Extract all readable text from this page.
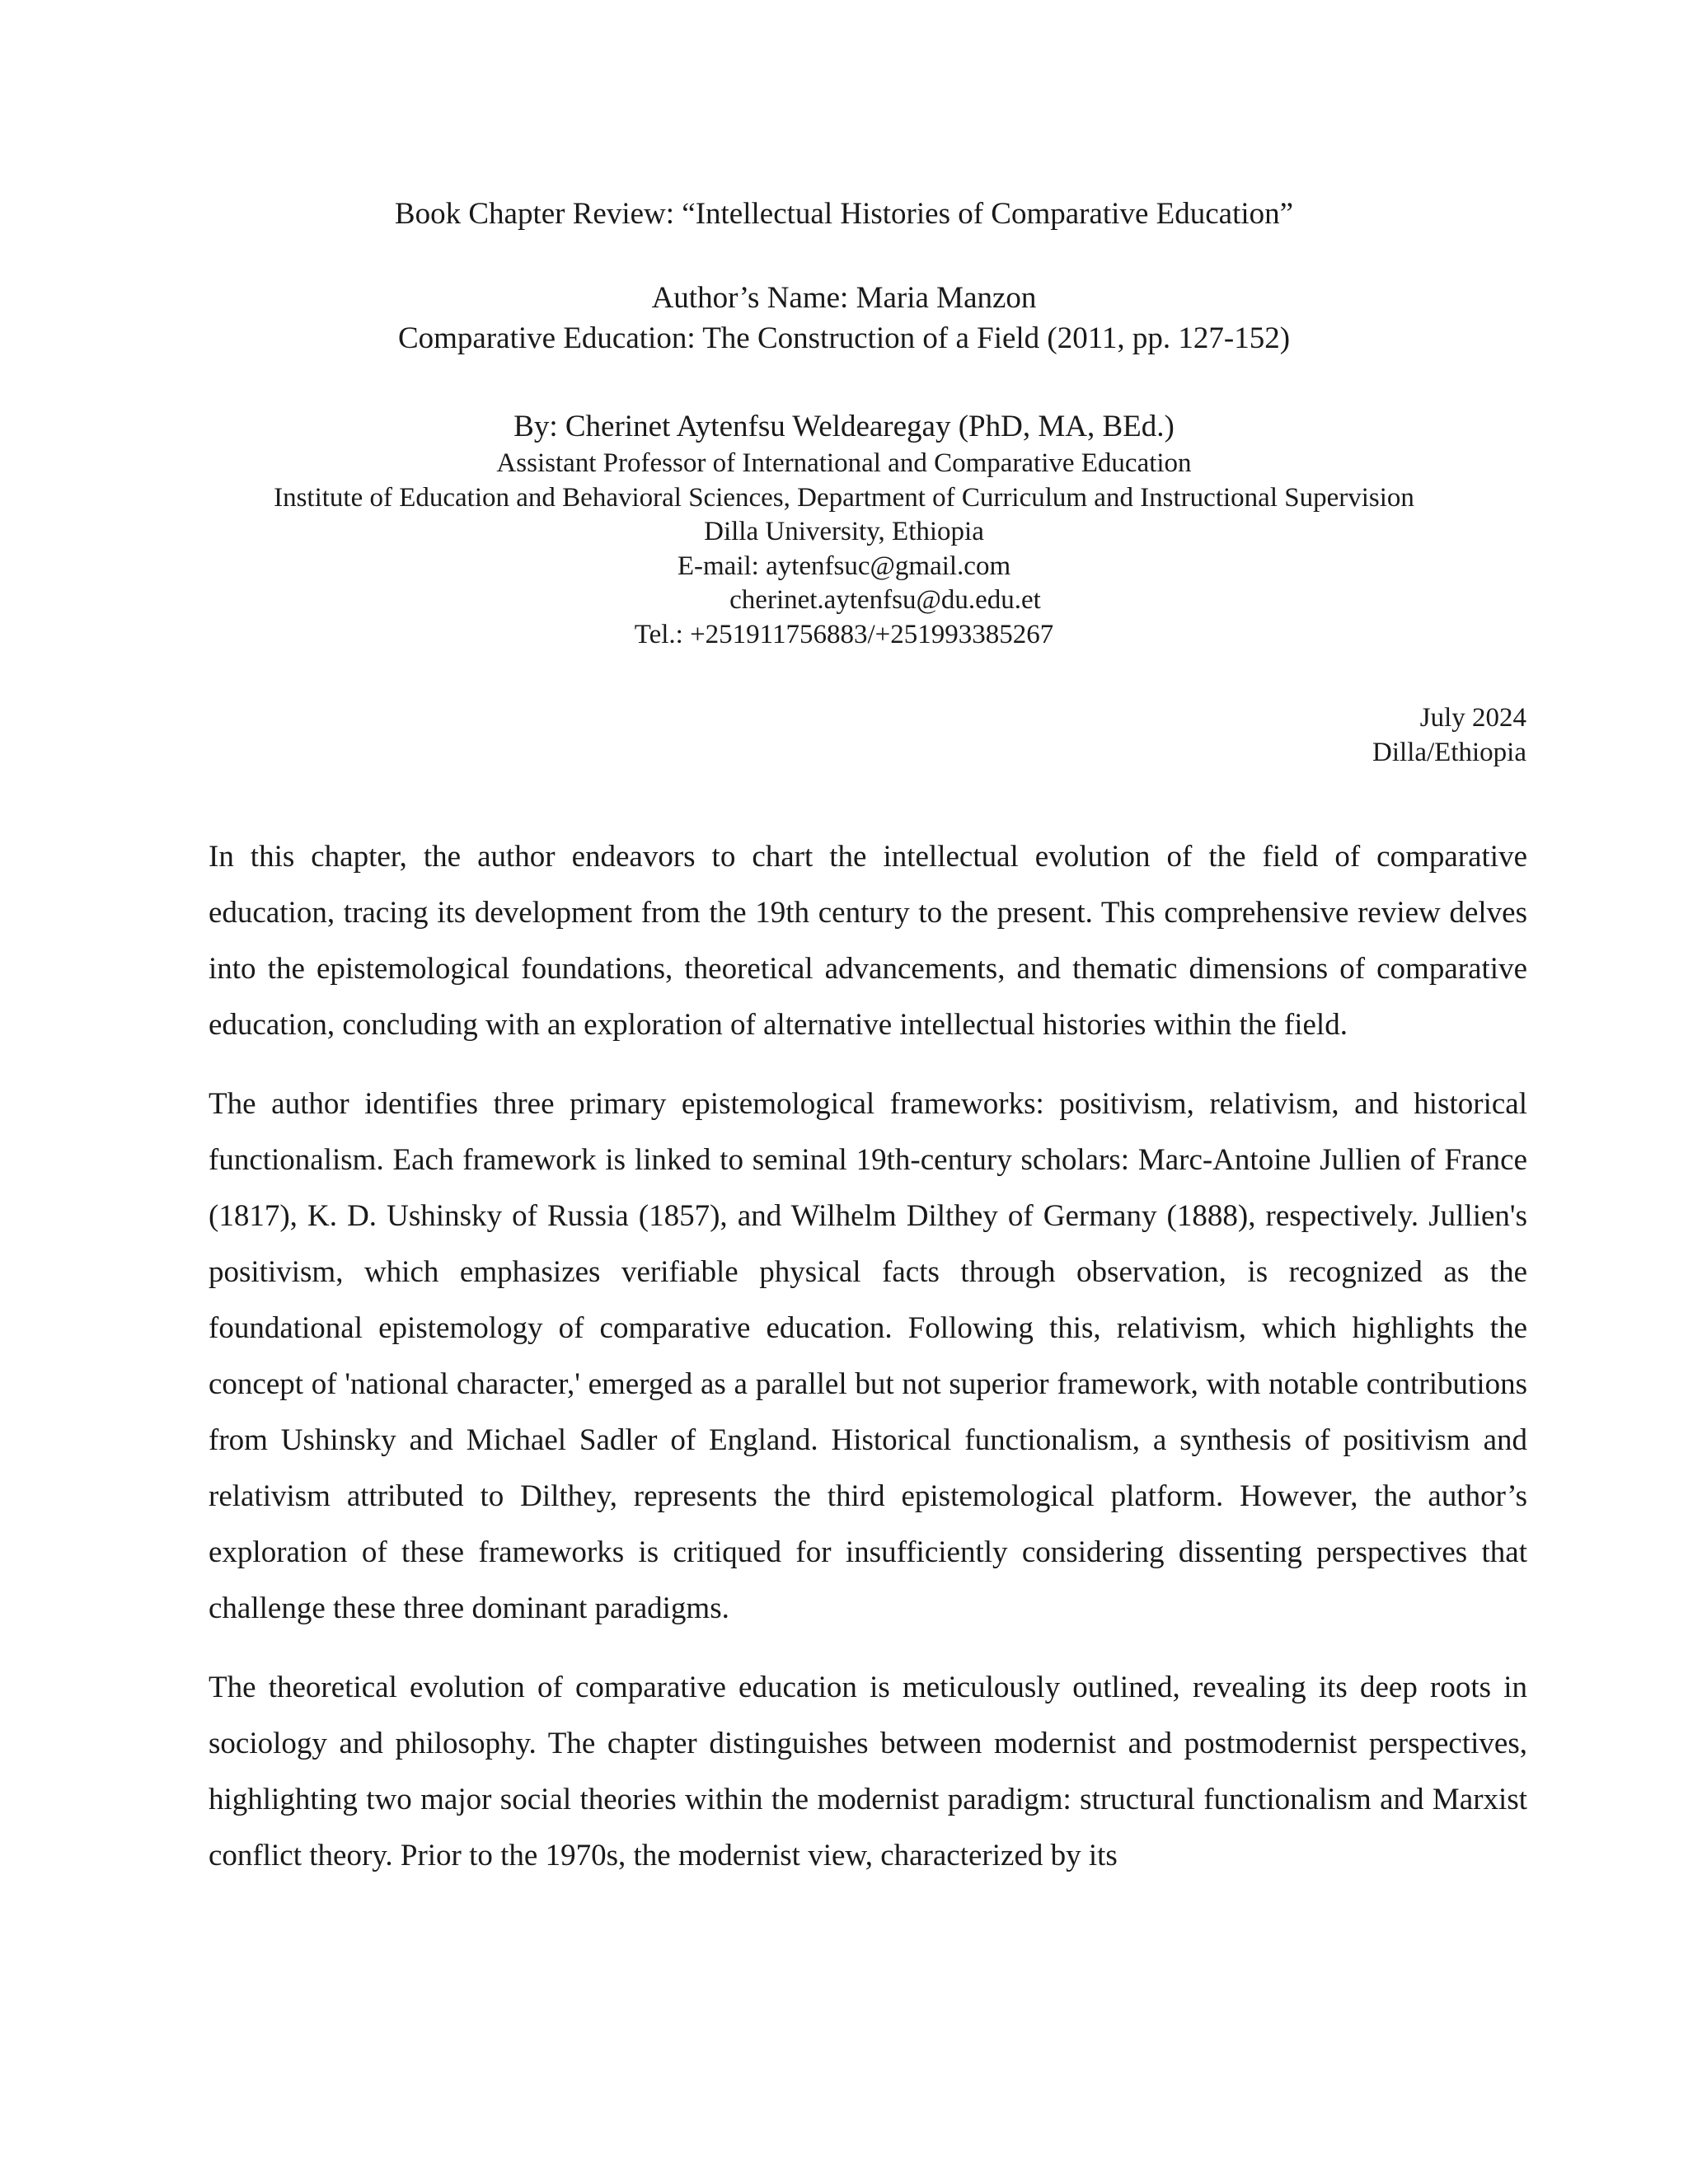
Book Chapter Review: “Intellectual Histories of Comparative Education”
Author’s Name: Maria Manzon
Comparative Education: The Construction of a Field (2011, pp. 127-152)
By: Cherinet Aytenfsu Weldearegay (PhD, MA, BEd.)
Assistant Professor of International and Comparative Education
Institute of Education and Behavioral Sciences, Department of Curriculum and Instructional Supervision
Dilla University, Ethiopia
E-mail: aytenfsuc@gmail.com
cherinet.aytenfsu@du.edu.et
Tel.: +251911756883/+251993385267
July 2024
Dilla/Ethiopia

In this chapter, the author endeavors to chart the intellectual evolution of the field of comparative education, tracing its development from the 19th century to the present. This comprehensive review delves into the epistemological foundations, theoretical advancements, and thematic dimensions of comparative education, concluding with an exploration of alternative intellectual histories within the field.

The author identifies three primary epistemological frameworks: positivism, relativism, and historical functionalism. Each framework is linked to seminal 19th-century scholars: Marc-Antoine Jullien of France (1817), K. D. Ushinsky of Russia (1857), and Wilhelm Dilthey of Germany (1888), respectively. Jullien's positivism, which emphasizes verifiable physical facts through observation, is recognized as the foundational epistemology of comparative education. Following this, relativism, which highlights the concept of 'national character,' emerged as a parallel but not superior framework, with notable contributions from Ushinsky and Michael Sadler of England. Historical functionalism, a synthesis of positivism and relativism attributed to Dilthey, represents the third epistemological platform. However, the author’s exploration of these frameworks is critiqued for insufficiently considering dissenting perspectives that challenge these three dominant paradigms.

The theoretical evolution of comparative education is meticulously outlined, revealing its deep roots in sociology and philosophy. The chapter distinguishes between modernist and postmodernist perspectives, highlighting two major social theories within the modernist paradigm: structural functionalism and Marxist conflict theory. Prior to the 1970s, the modernist view, characterized by its
